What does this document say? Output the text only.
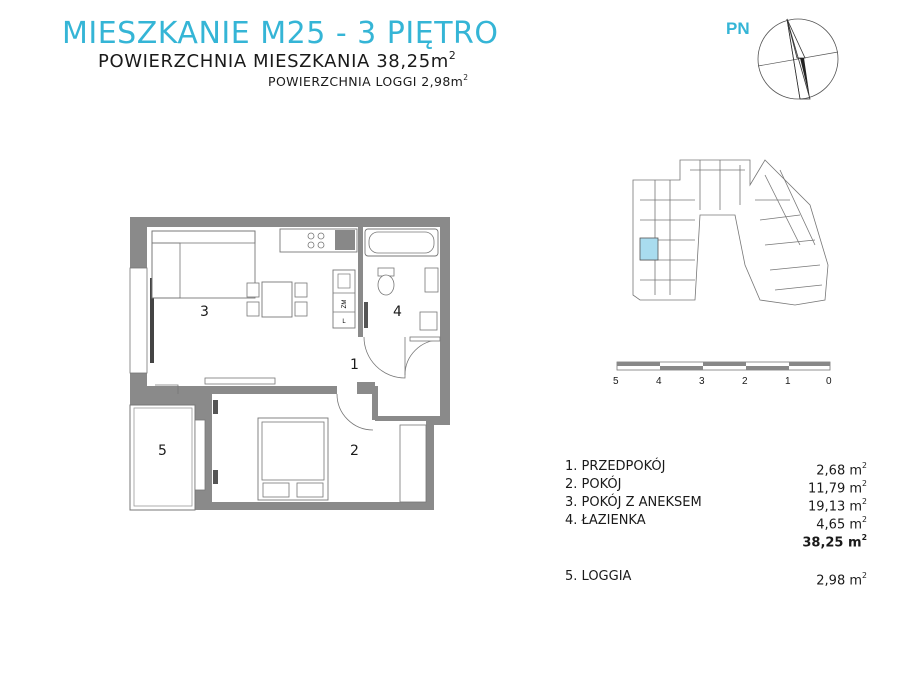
MIESZKANIE M25 - 3 PIĘTRO
POWIERZCHNIA MIESZKANIA $38,25m^2$
POWIERZCHNIA LOGGI $2,98m^2$
PN
ZM
L
1
2
3	4
5
5	4	3	2	1	0
1. PRZEDPOKÓJ	2,68 $m^2$
2. POKÓJ	11,79 $m^2$
3. POKÓJ Z ANEKSEM	19,13 $m^2$
4. ŁAZIENKA	4,65 $m^2$
38,25 $m^2$
5. LOGGIA	2,98 $m^2$
